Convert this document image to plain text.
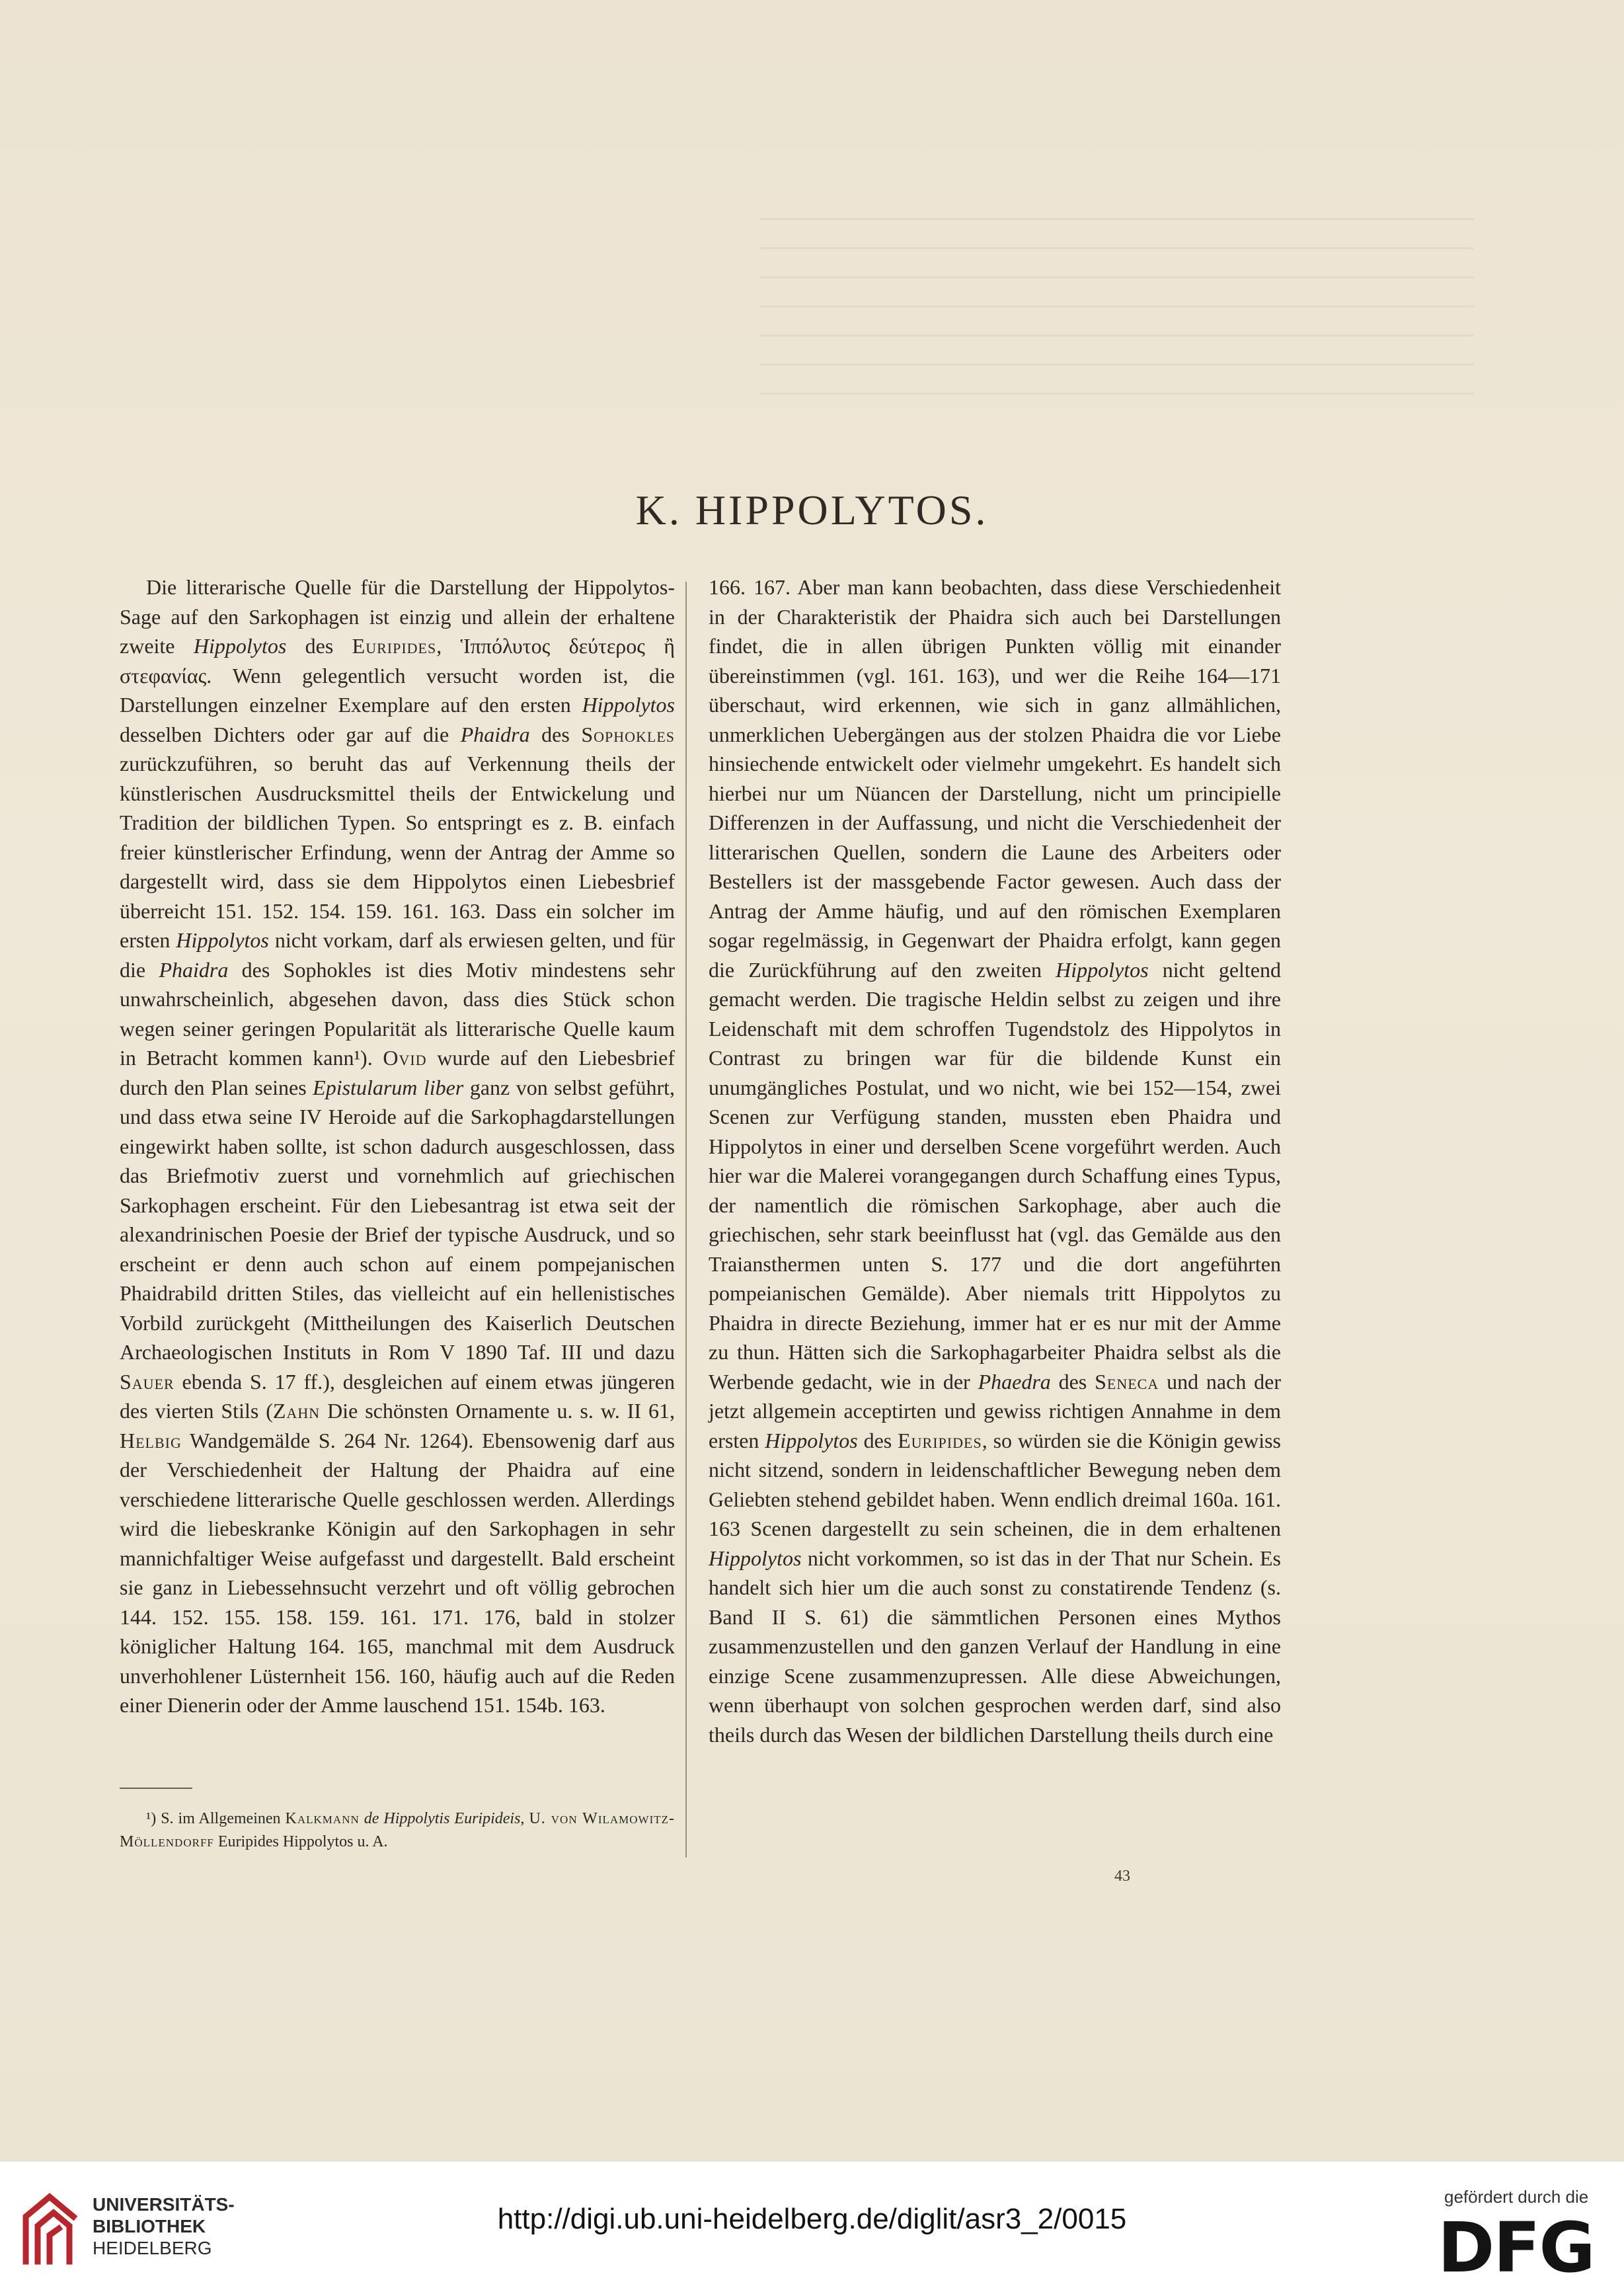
K. HIPPOLYTOS.

Die litterarische Quelle für die Darstellung der Hippolytos-Sage auf den Sarkophagen ist einzig und allein der erhaltene zweite Hippolytos des Euripides, Ἱππόλυτος δεύτερος ἢ στεφανίας. Wenn gelegentlich versucht worden ist, die Darstellungen einzelner Exemplare auf den ersten Hippolytos desselben Dichters oder gar auf die Phaidra des Sophokles zurückzuführen, so beruht das auf Verkennung theils der künstlerischen Ausdrucksmittel theils der Entwickelung und Tradition der bildlichen Typen. So entspringt es z. B. einfach freier künstlerischer Erfindung, wenn der Antrag der Amme so dargestellt wird, dass sie dem Hippolytos einen Liebesbrief überreicht 151. 152. 154. 159. 161. 163. Dass ein solcher im ersten Hippolytos nicht vorkam, darf als erwiesen gelten, und für die Phaidra des Sophokles ist dies Motiv mindestens sehr unwahrscheinlich, abgesehen davon, dass dies Stück schon wegen seiner geringen Popularität als litterarische Quelle kaum in Betracht kommen kann¹). Ovid wurde auf den Liebesbrief durch den Plan seines Epistularum liber ganz von selbst geführt, und dass etwa seine IV Heroide auf die Sarkophagdarstellungen eingewirkt haben sollte, ist schon dadurch ausgeschlossen, dass das Briefmotiv zuerst und vornehmlich auf griechischen Sarkophagen erscheint. Für den Liebesantrag ist etwa seit der alexandrinischen Poesie der Brief der typische Ausdruck, und so erscheint er denn auch schon auf einem pompejanischen Phaidrabild dritten Stiles, das vielleicht auf ein hellenistisches Vorbild zurückgeht (Mittheilungen des Kaiserlich Deutschen Archaeologischen Instituts in Rom V 1890 Taf. III und dazu Sauer ebenda S. 17 ff.), desgleichen auf einem etwas jüngeren des vierten Stils (Zahn Die schönsten Ornamente u. s. w. II 61, Helbig Wandgemälde S. 264 Nr. 1264). Ebensowenig darf aus der Verschiedenheit der Haltung der Phaidra auf eine verschiedene litterarische Quelle geschlossen werden. Allerdings wird die liebeskranke Königin auf den Sarkophagen in sehr mannichfaltiger Weise aufgefasst und dargestellt. Bald erscheint sie ganz in Liebessehnsucht verzehrt und oft völlig gebrochen 144. 152. 155. 158. 159. 161. 171. 176, bald in stolzer königlicher Haltung 164. 165, manchmal mit dem Ausdruck unverhohlener Lüsternheit 156. 160, häufig auch auf die Reden einer Dienerin oder der Amme lauschend 151. 154b. 163.

166. 167. Aber man kann beobachten, dass diese Verschiedenheit in der Charakteristik der Phaidra sich auch bei Darstellungen findet, die in allen übrigen Punkten völlig mit einander übereinstimmen (vgl. 161. 163), und wer die Reihe 164—171 überschaut, wird erkennen, wie sich in ganz allmählichen, unmerklichen Uebergängen aus der stolzen Phaidra die vor Liebe hinsiechende entwickelt oder vielmehr umgekehrt. Es handelt sich hierbei nur um Nüancen der Darstellung, nicht um principielle Differenzen in der Auffassung, und nicht die Verschiedenheit der litterarischen Quellen, sondern die Laune des Arbeiters oder Bestellers ist der massgebende Factor gewesen. Auch dass der Antrag der Amme häufig, und auf den römischen Exemplaren sogar regelmässig, in Gegenwart der Phaidra erfolgt, kann gegen die Zurückführung auf den zweiten Hippolytos nicht geltend gemacht werden. Die tragische Heldin selbst zu zeigen und ihre Leidenschaft mit dem schroffen Tugendstolz des Hippolytos in Contrast zu bringen war für die bildende Kunst ein unumgängliches Postulat, und wo nicht, wie bei 152—154, zwei Scenen zur Verfügung standen, mussten eben Phaidra und Hippolytos in einer und derselben Scene vorgeführt werden. Auch hier war die Malerei vorangegangen durch Schaffung eines Typus, der namentlich die römischen Sarkophage, aber auch die griechischen, sehr stark beeinflusst hat (vgl. das Gemälde aus den Traiansthermen unten S. 177 und die dort angeführten pompeianischen Gemälde). Aber niemals tritt Hippolytos zu Phaidra in directe Beziehung, immer hat er es nur mit der Amme zu thun. Hätten sich die Sarkophagarbeiter Phaidra selbst als die Werbende gedacht, wie in der Phaedra des Seneca und nach der jetzt allgemein acceptirten und gewiss richtigen Annahme in dem ersten Hippolytos des Euripides, so würden sie die Königin gewiss nicht sitzend, sondern in leidenschaftlicher Bewegung neben dem Geliebten stehend gebildet haben. Wenn endlich dreimal 160a. 161. 163 Scenen dargestellt zu sein scheinen, die in dem erhaltenen Hippolytos nicht vorkommen, so ist das in der That nur Schein. Es handelt sich hier um die auch sonst zu constatirende Tendenz (s. Band II S. 61) die sämmtlichen Personen eines Mythos zusammenzustellen und den ganzen Verlauf der Handlung in eine einzige Scene zusammenzupressen. Alle diese Abweichungen, wenn überhaupt von solchen gesprochen werden darf, sind also theils durch das Wesen der bildlichen Darstellung theils durch eine

¹) S. im Allgemeinen Kalkmann de Hippolytis Euripideis, U. von Wilamowitz-Möllendorff Euripides Hippolytos u. A.
43
UNIVERSITÄTS-
BIBLIOTHEK
HEIDELBERG
http://digi.ub.uni-heidelberg.de/diglit/asr3_2/0015
gefördert durch die
DFG
